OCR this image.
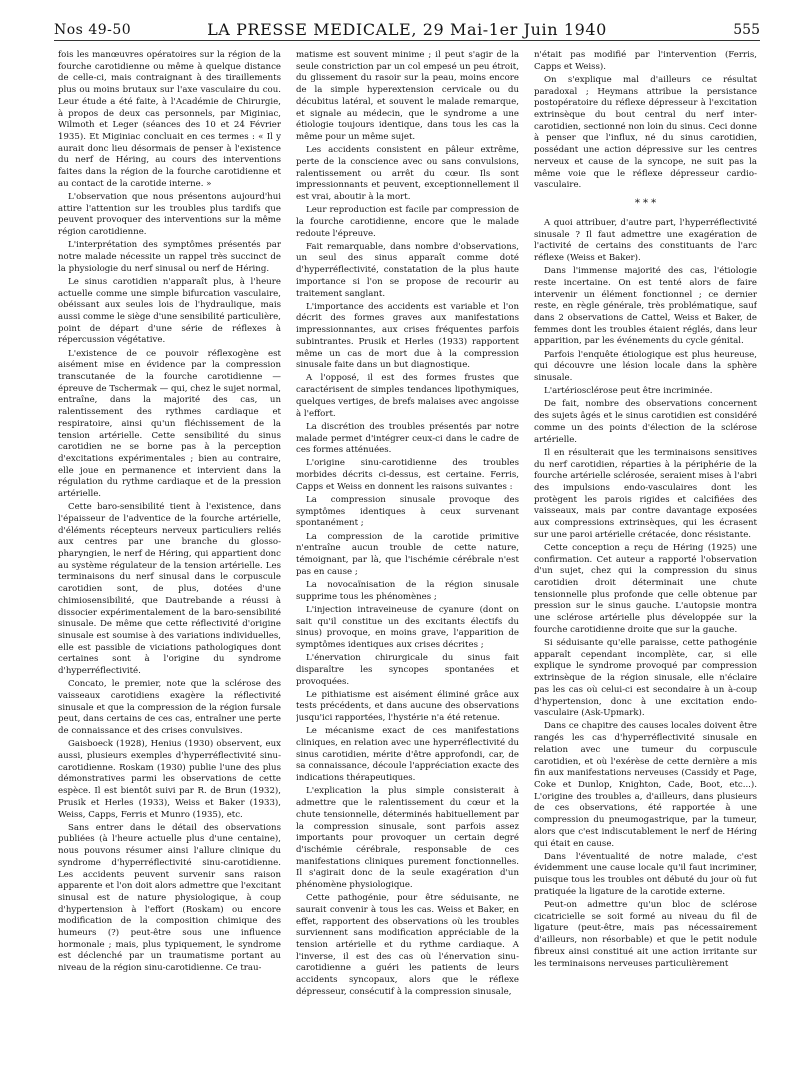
Nos 49-50	LA PRESSE MEDICALE, 29 Mai-1er Juin 1940	555

fois les manœuvres opératoires sur la région de la fourche carotidienne ou même à quelque distance de celle-ci, mais contraignant à des tiraillements plus ou moins brutaux sur l'axe vasculaire du cou. Leur étude a été faite, à l'Académie de Chirurgie, à propos de deux cas personnels, par Miginiac, Wilmoth et Leger (séances des 10 et 24 Février 1935). Et Miginiac concluait en ces termes : « Il y aurait donc lieu désormais de penser à l'existence du nerf de Héring, au cours des interventions faites dans la région de la fourche carotidienne et au contact de la carotide interne. »

L'observation que nous présentons aujourd'hui attire l'attention sur les troubles plus tardifs que peuvent provoquer des interventions sur la même région carotidienne.

L'interprétation des symptômes présentés par notre malade nécessite un rappel très succinct de la physiologie du nerf sinusal ou nerf de Héring.

Le sinus carotidien n'apparaît plus, à l'heure actuelle comme une simple bifurcation vasculaire, obéissant aux seules lois de l'hydraulique, mais aussi comme le siège d'une sensibilité particulière, point de départ d'une série de réflexes à répercussion végétative.

L'existence de ce pouvoir réflexogène est aisément mise en évidence par la compression transcutanée de la fourche carotidienne — épreuve de Tschermak — qui, chez le sujet normal, entraîne, dans la majorité des cas, un ralentissement des rythmes cardiaque et respiratoire, ainsi qu'un fléchissement de la tension artérielle. Cette sensibilité du sinus carotidien ne se borne pas à la perception d'excitations expérimentales ; bien au contraire, elle joue en permanence et intervient dans la régulation du rythme cardiaque et de la pression artérielle.

Cette baro-sensibilité tient à l'existence, dans l'épaisseur de l'adventice de la fourche artérielle, d'éléments récepteurs nerveux particuliers reliés aux centres par une branche du glosso-pharyngien, le nerf de Héring, qui appartient donc au système régulateur de la tension artérielle. Les terminaisons du nerf sinusal dans le corpuscule carotidien sont, de plus, dotées d'une chimiosensibilité, que Dautrebande a réussi à dissocier expérimentalement de la baro-sensibilité sinusale. De même que cette réflectivité d'origine sinusale est soumise à des variations individuelles, elle est passible de viciations pathologiques dont certaines sont à l'origine du syndrome d'hyperréflectivité.

Concato, le premier, note que la sclérose des vaisseaux carotidiens exagère la réflectivité sinusale et que la compression de la région fursale peut, dans certains de ces cas, entraîner une perte de connaissance et des crises convulsives.

Gaisboeck (1928), Henius (1930) observent, eux aussi, plusieurs exemples d'hyperréflectivité sinu-carotidienne. Roskam (1930) publie l'une des plus démonstratives parmi les observations de cette espèce. Il est bientôt suivi par R. de Brun (1932), Prusik et Herles (1933), Weiss et Baker (1933), Weiss, Capps, Ferris et Munro (1935), etc.

Sans entrer dans le détail des observations publiées (à l'heure actuelle plus d'une centaine), nous pouvons résumer ainsi l'allure clinique du syndrome d'hyperréflectivité sinu-carotidienne. Les accidents peuvent survenir sans raison apparente et l'on doit alors admettre que l'excitant sinusal est de nature physiologique, à coup d'hypertension à l'effort (Roskam) ou encore modification de la composition chimique des humeurs (?) peut-être sous une influence hormonale ; mais, plus typiquement, le syndrome est déclenché par un traumatisme portant au niveau de la région sinu-carotidienne. Ce trau-

matisme est souvent minime ; il peut s'agir de la seule constriction par un col empesé un peu étroit, du glissement du rasoir sur la peau, moins encore de la simple hyperextension cervicale ou du décubitus latéral, et souvent le malade remarque, et signale au médecin, que le syndrome a une étiologie toujours identique, dans tous les cas la même pour un même sujet.

Les accidents consistent en pâleur extrême, perte de la conscience avec ou sans convulsions, ralentissement ou arrêt du cœur. Ils sont impressionnants et peuvent, exceptionnellement il est vrai, aboutir à la mort.

Leur reproduction est facile par compression de la fourche carotidienne, encore que le malade redoute l'épreuve.

Fait remarquable, dans nombre d'observations, un seul des sinus apparaît comme doté d'hyperréflectivité, constatation de la plus haute importance si l'on se propose de recourir au traitement sanglant.

L'importance des accidents est variable et l'on décrit des formes graves aux manifestations impressionnantes, aux crises fréquentes parfois subintrantes. Prusik et Herles (1933) rapportent même un cas de mort due à la compression sinusale faite dans un but diagnostique.

A l'opposé, il est des formes frustes que caractérisent de simples tendances lipothymiques, quelques vertiges, de brefs malaises avec angoisse à l'effort.

La discrétion des troubles présentés par notre malade permet d'intégrer ceux-ci dans le cadre de ces formes atténuées.

L'origine sinu-carotidienne des troubles morbides décrits ci-dessus, est certaine. Ferris, Capps et Weiss en donnent les raisons suivantes :

La compression sinusale provoque des symptômes identiques à ceux survenant spontanément ;

La compression de la carotide primitive n'entraîne aucun trouble de cette nature, témoignant, par là, que l'ischémie cérébrale n'est pas en cause ;

La novocaïnisation de la région sinusale supprime tous les phénomènes ;

L'injection intraveineuse de cyanure (dont on sait qu'il constitue un des excitants électifs du sinus) provoque, en moins grave, l'apparition de symptômes identiques aux crises décrites ;

L'énervation chirurgicale du sinus fait disparaître les syncopes spontanées et provoquées.

Le pithiatisme est aisément éliminé grâce aux tests précédents, et dans aucune des observations jusqu'ici rapportées, l'hystérie n'a été retenue.

Le mécanisme exact de ces manifestations cliniques, en relation avec une hyperréflectivité du sinus carotidien, mérite d'être approfondi, car, de sa connaissance, découle l'appréciation exacte des indications thérapeutiques.

L'explication la plus simple consisterait à admettre que le ralentissement du cœur et la chute tensionnelle, déterminés habituellement par la compression sinusale, sont parfois assez importants pour provoquer un certain degré d'ischémie cérébrale, responsable de ces manifestations cliniques purement fonctionnelles. Il s'agirait donc de la seule exagération d'un phénomène physiologique.

Cette pathogénie, pour être séduisante, ne saurait convenir à tous les cas. Weiss et Baker, en effet, rapportent des observations où les troubles surviennent sans modification appréciable de la tension artérielle et du rythme cardiaque. A l'inverse, il est des cas où l'énervation sinu-carotidienne a guéri les patients de leurs accidents syncopaux, alors que le réflexe dépresseur, consécutif à la compression sinusale,

n'était pas modifié par l'intervention (Ferris, Capps et Weiss).

On s'explique mal d'ailleurs ce résultat paradoxal ; Heymans attribue la persistance postopératoire du réflexe dépresseur à l'excitation extrinsèque du bout central du nerf inter-carotidien, sectionné non loin du sinus. Ceci donne à penser que l'influx, né du sinus carotidien, possédant une action dépressive sur les centres nerveux et cause de la syncope, ne suit pas la même voie que le réflexe dépresseur cardio-vasculaire.

* * *

A quoi attribuer, d'autre part, l'hyperréflectivité sinusale ? Il faut admettre une exagération de l'activité de certains des constituants de l'arc réflexe (Weiss et Baker).

Dans l'immense majorité des cas, l'étiologie reste incertaine. On est tenté alors de faire intervenir un élément fonctionnel ; ce dernier reste, en règle générale, très problématique, sauf dans 2 observations de Cattel, Weiss et Baker, de femmes dont les troubles étaient réglés, dans leur apparition, par les événements du cycle génital.

Parfois l'enquête étiologique est plus heureuse, qui découvre une lésion locale dans la sphère sinusale.

L'artériosclérose peut être incriminée.

De fait, nombre des observations concernent des sujets âgés et le sinus carotidien est considéré comme un des points d'élection de la sclérose artérielle.

Il en résulterait que les terminaisons sensitives du nerf carotidien, réparties à la périphérie de la fourche artérielle sclérosée, seraient mises à l'abri des impulsions endo-vasculaires dont les protègent les parois rigides et calcifiées des vaisseaux, mais par contre davantage exposées aux compressions extrinsèques, qui les écrasent sur une paroi artérielle crétacée, donc résistante.

Cette conception a reçu de Héring (1925) une confirmation. Cet auteur a rapporté l'observation d'un sujet, chez qui la compression du sinus carotidien droit déterminait une chute tensionnelle plus profonde que celle obtenue par pression sur le sinus gauche. L'autopsie montra une sclérose artérielle plus développée sur la fourche carotidienne droite que sur la gauche.

Si séduisante qu'elle paraisse, cette pathogénie apparaît cependant incomplète, car, si elle explique le syndrome provoqué par compression extrinsèque de la région sinusale, elle n'éclaire pas les cas où celui-ci est secondaire à un à-coup d'hypertension, donc à une excitation endo-vasculaire (Ask-Upmark).

Dans ce chapitre des causes locales doivent être rangés les cas d'hyperréflectivité sinusale en relation avec une tumeur du corpuscule carotidien, et où l'exérèse de cette dernière a mis fin aux manifestations nerveuses (Cassidy et Page, Coke et Dunlop, Knighton, Cade, Boot, etc...). L'origine des troubles a, d'ailleurs, dans plusieurs de ces observations, été rapportée à une compression du pneumogastrique, par la tumeur, alors que c'est indiscutablement le nerf de Héring qui était en cause.

Dans l'éventualité de notre malade, c'est évidemment une cause locale qu'il faut incriminer, puisque tous les troubles ont débuté du jour où fut pratiquée la ligature de la carotide externe.

Peut-on admettre qu'un bloc de sclérose cicatricielle se soit formé au niveau du fil de ligature (peut-être, mais pas nécessairement d'ailleurs, non résorbable) et que le petit nodule fibreux ainsi constitué ait une action irritante sur les terminaisons nerveuses particulièrement
